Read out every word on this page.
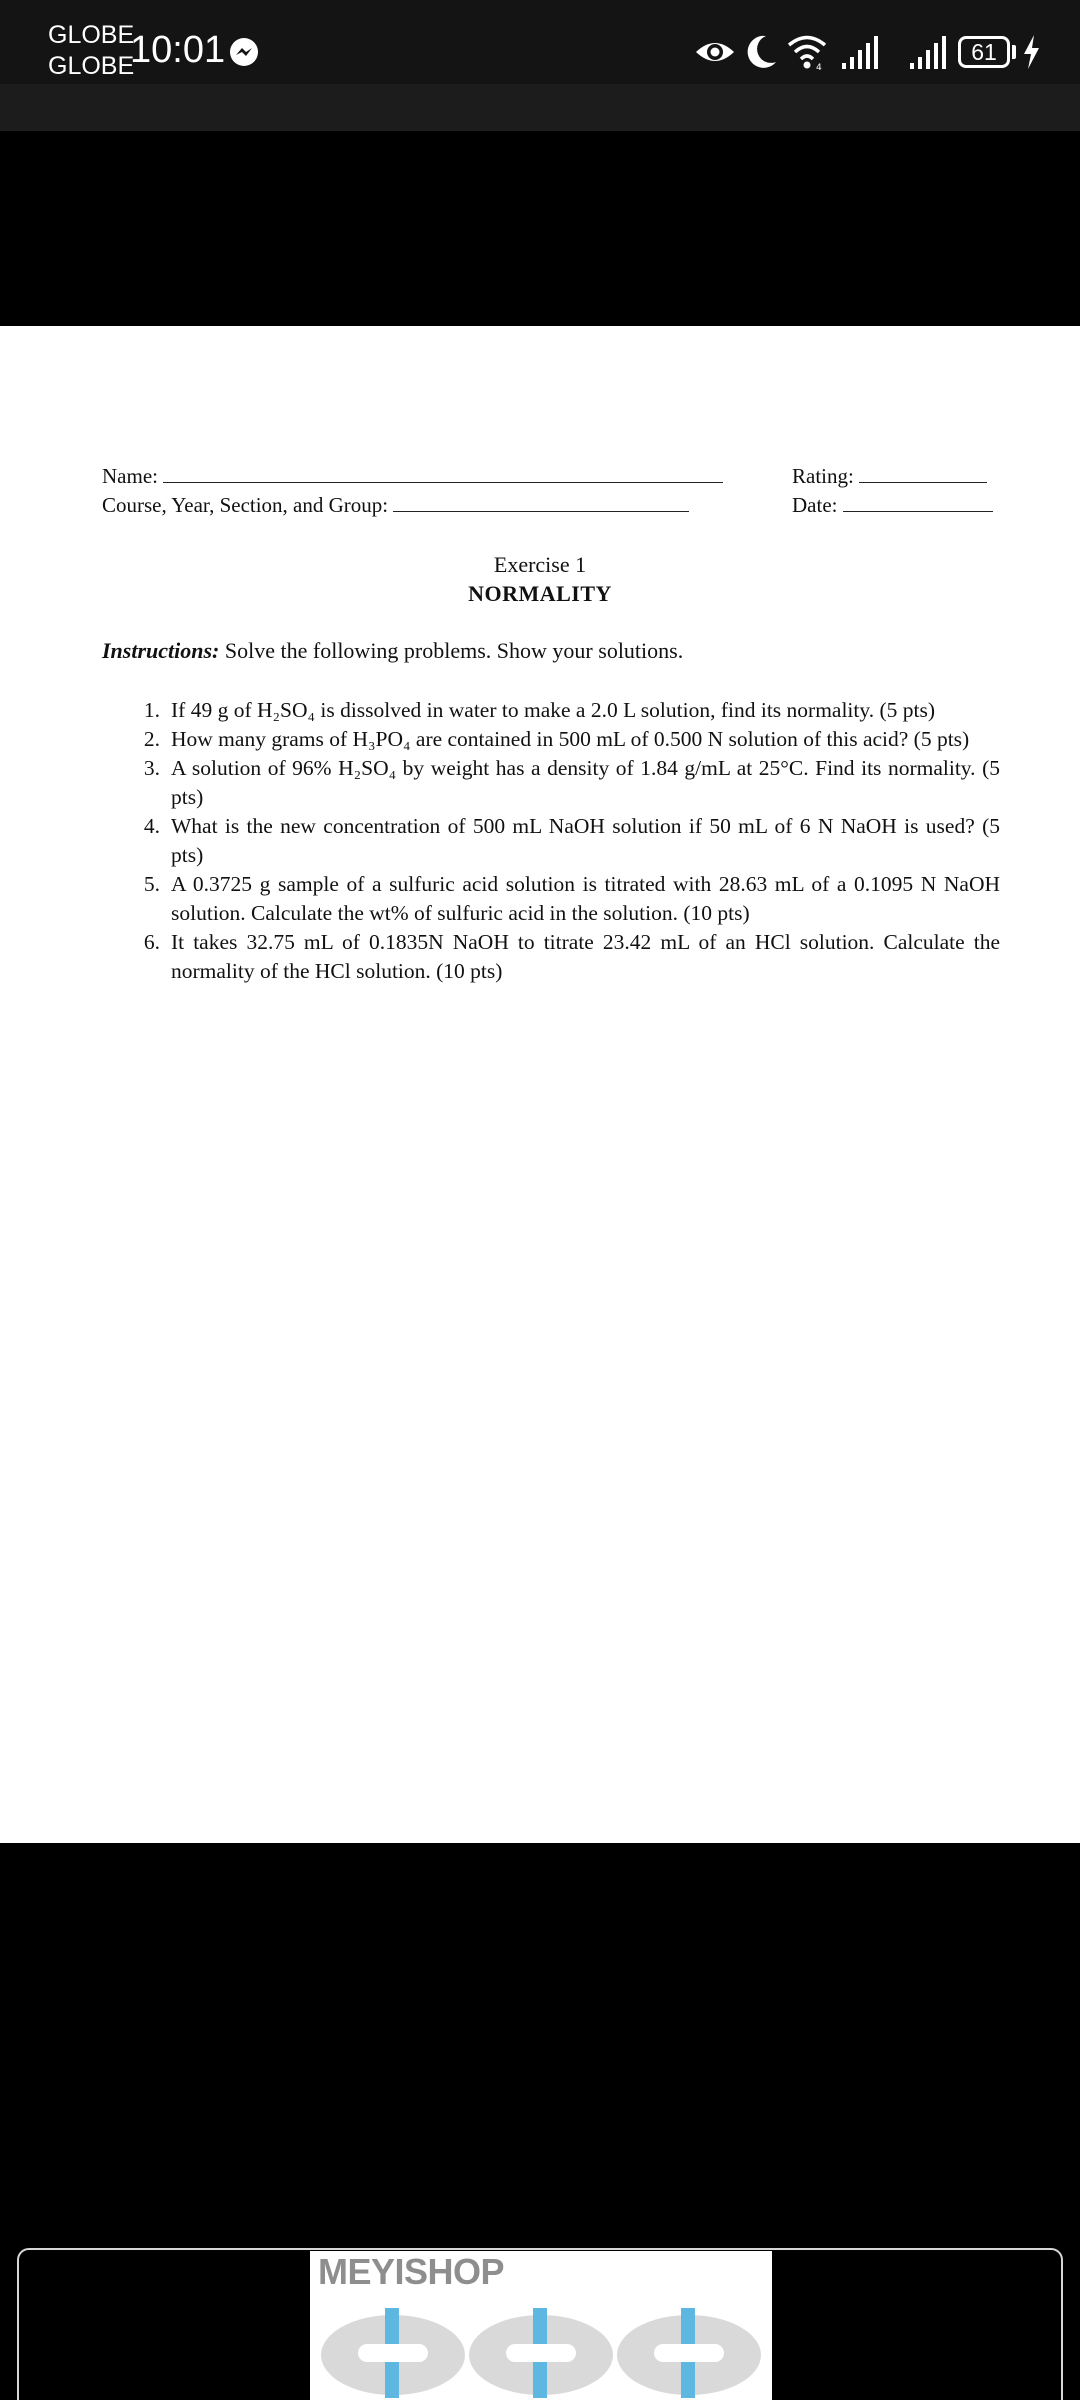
GLOBE
GLOBE
10:01	4
61
Name:
Course, Year, Section, and Group:
Rating:
Date:
Exercise 1
NORMALITY
Instructions: Solve the following problems. Show your solutions.
1. If 49 g of H₂SO₄ is dissolved in water to make a 2.0 L solution, find its normality. (5 pts)
2. How many grams of H₃PO₄ are contained in 500 mL of 0.500 N solution of this acid? (5 pts)
3. A solution of 96% H₂SO₄ by weight has a density of 1.84 g/mL at 25°C. Find its normality. (5 pts)
4. What is the new concentration of 500 mL NaOH solution if 50 mL of 6 N NaOH is used? (5 pts)
5. A 0.3725 g sample of a sulfuric acid solution is titrated with 28.63 mL of a 0.1095 N NaOH solution. Calculate the wt% of sulfuric acid in the solution. (10 pts)
6. It takes 32.75 mL of 0.1835N NaOH to titrate 23.42 mL of an HCl solution. Calculate the normality of the HCl solution. (10 pts)
MEYISHOP
